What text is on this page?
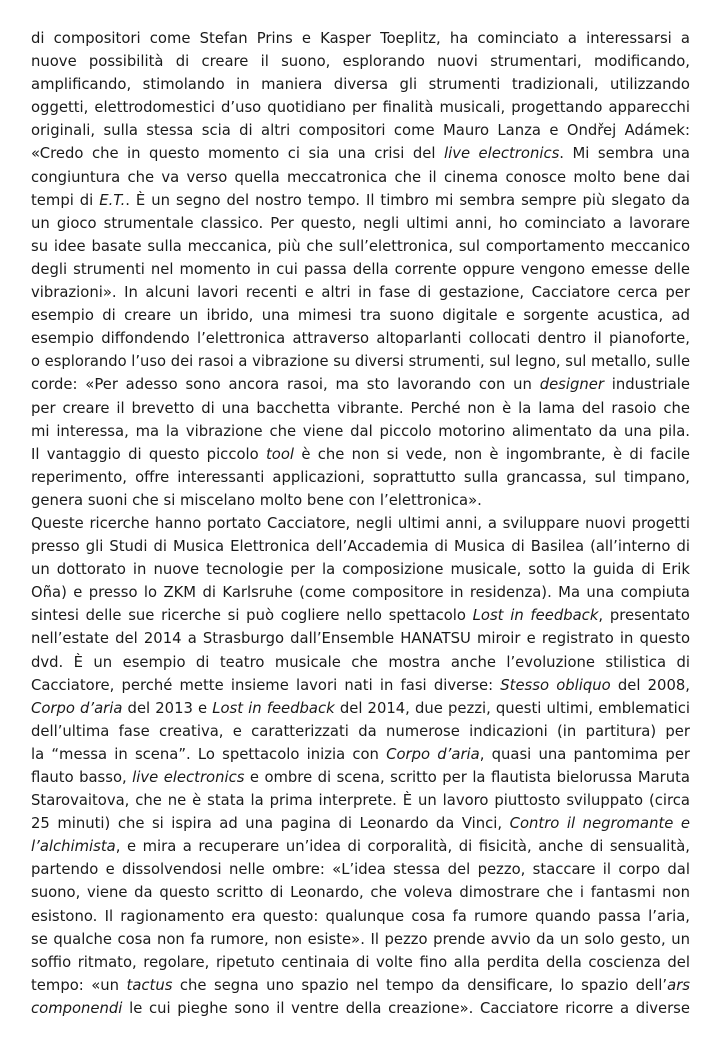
di compositori come Stefan Prins e Kasper Toeplitz, ha cominciato a interessarsi a
nuove possibilità di creare il suono, esplorando nuovi strumentari, modificando,
amplificando, stimolando in maniera diversa gli strumenti tradizionali, utilizzando
oggetti, elettrodomestici d’uso quotidiano per finalità musicali, progettando apparecchi
originali, sulla stessa scia di altri compositori come Mauro Lanza e Ondřej Adámek:
«Credo che in questo momento ci sia una crisi del live electronics. Mi sembra una
congiuntura che va verso quella meccatronica che il cinema conosce molto bene dai
tempi di E.T.. È un segno del nostro tempo. Il timbro mi sembra sempre più slegato da
un gioco strumentale classico. Per questo, negli ultimi anni, ho cominciato a lavorare
su idee basate sulla meccanica, più che sull’elettronica, sul comportamento meccanico
degli strumenti nel momento in cui passa della corrente oppure vengono emesse delle
vibrazioni». In alcuni lavori recenti e altri in fase di gestazione, Cacciatore cerca per
esempio di creare un ibrido, una mimesi tra suono digitale e sorgente acustica, ad
esempio diffondendo l’elettronica attraverso altoparlanti collocati dentro il pianoforte,
o esplorando l’uso dei rasoi a vibrazione su diversi strumenti, sul legno, sul metallo, sulle
corde: «Per adesso sono ancora rasoi, ma sto lavorando con un designer industriale
per creare il brevetto di una bacchetta vibrante. Perché non è la lama del rasoio che
mi interessa, ma la vibrazione che viene dal piccolo motorino alimentato da una pila.
Il vantaggio di questo piccolo tool è che non si vede, non è ingombrante, è di facile
reperimento, offre interessanti applicazioni, soprattutto sulla grancassa, sul timpano,
genera suoni che si miscelano molto bene con l’elettronica».
Queste ricerche hanno portato Cacciatore, negli ultimi anni, a sviluppare nuovi progetti
presso gli Studi di Musica Elettronica dell’Accademia di Musica di Basilea (all’interno di
un dottorato in nuove tecnologie per la composizione musicale, sotto la guida di Erik
Oña) e presso lo ZKM di Karlsruhe (come compositore in residenza). Ma una compiuta
sintesi delle sue ricerche si può cogliere nello spettacolo Lost in feedback, presentato
nell’estate del 2014 a Strasburgo dall’Ensemble HANATSU miroir e registrato in questo
dvd. È un esempio di teatro musicale che mostra anche l’evoluzione stilistica di
Cacciatore, perché mette insieme lavori nati in fasi diverse: Stesso obliquo del 2008,
Corpo d’aria del 2013 e Lost in feedback del 2014, due pezzi, questi ultimi, emblematici
dell’ultima fase creativa, e caratterizzati da numerose indicazioni (in partitura) per
la “messa in scena”. Lo spettacolo inizia con Corpo d’aria, quasi una pantomima per
flauto basso, live electronics e ombre di scena, scritto per la flautista bielorussa Maruta
Starovaitova, che ne è stata la prima interprete. È un lavoro piuttosto sviluppato (circa
25 minuti) che si ispira ad una pagina di Leonardo da Vinci, Contro il negromante e
l’alchimista, e mira a recuperare un’idea di corporalità, di fisicità, anche di sensualità,
partendo e dissolvendosi nelle ombre: «L’idea stessa del pezzo, staccare il corpo dal
suono, viene da questo scritto di Leonardo, che voleva dimostrare che i fantasmi non
esistono. Il ragionamento era questo: qualunque cosa fa rumore quando passa l’aria,
se qualche cosa non fa rumore, non esiste». Il pezzo prende avvio da un solo gesto, un
soffio ritmato, regolare, ripetuto centinaia di volte fino alla perdita della coscienza del
tempo: «un tactus che segna uno spazio nel tempo da densificare, lo spazio dell’ars
componendi le cui pieghe sono il ventre della creazione». Cacciatore ricorre a diverse
